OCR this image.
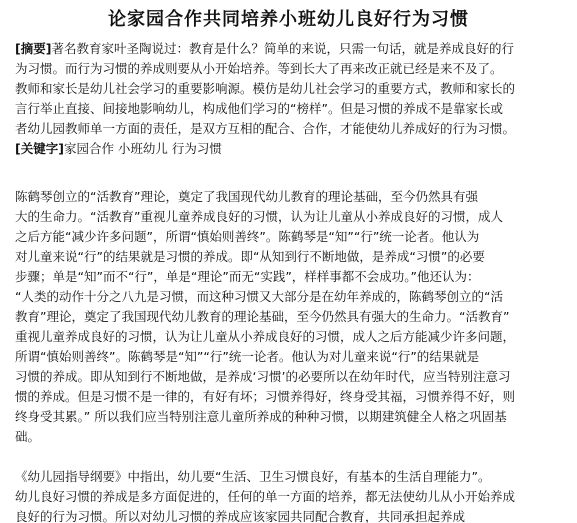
论家园合作共同培养小班幼儿良好行为习惯
[摘要]著名教育家叶圣陶说过：教育是什么？简单的来说，只需一句话，就是养成良好的行
为习惯。而行为习惯的养成则要从小开始培养。等到长大了再来改正就已经是来不及了。
教师和家长是幼儿社会学习的重要影响源。模仿是幼儿社会学习的重要方式，教师和家长的
言行举止直接、间接地影响幼儿，构成他们学习的“榜样”。但是习惯的养成不是靠家长或
者幼儿园教师单一方面的责任，是双方互相的配合、合作，才能使幼儿养成好的行为习惯。
[关键字]家园合作 小班幼儿 行为习惯
陈鹤琴创立的“活教育”理论，奠定了我国现代幼儿教育的理论基础，至今仍然具有强
大的生命力。“活教育”重视儿童养成良好的习惯，认为让儿童从小养成良好的习惯，成人
之后方能“减少许多问题”，所谓“慎始则善终”。陈鹤琴是“知”“行”统一论者。他认为
对儿童来说“行”的结果就是习惯的养成。即“从知到行不断地做，是养成“习惯”的必要
步骤；单是“知”而不“行”，单是“理论”而无“实践”，样样事都不会成功。”他还认为：
“人类的动作十分之八九是习惯，而这种习惯又大部分是在幼年养成的，陈鹤琴创立的“活
教育”理论，奠定了我国现代幼儿教育的理论基础，至今仍然具有强大的生命力。“活教育”
重视儿童养成良好的习惯，认为让儿童从小养成良好的习惯，成人之后方能减少许多问题，
所谓“慎始则善终”。陈鹤琴是“知”“行”统一论者。他认为对儿童来说“行”的结果就是
习惯的养成。即从知到行不断地做，是养成‘习惯’的必要所以在幼年时代，应当特别注意习
惯的养成。但是习惯不是一律的，有好有坏；习惯养得好，终身受其福，习惯养得不好，则
终身受其累。” 所以我们应当特别注意儿童所养成的种种习惯，以期建筑健全人格之巩固基
础。
《幼儿园指导纲要》中指出，幼儿要“生活、卫生习惯良好，有基本的生活自理能力”。
幼儿良好习惯的养成是多方面促进的，任何的单一方面的培养，都无法使幼儿从小开始养成
良好的行为习惯。所以对幼儿习惯的养成应该家园共同配合教育，共同承担起养成
